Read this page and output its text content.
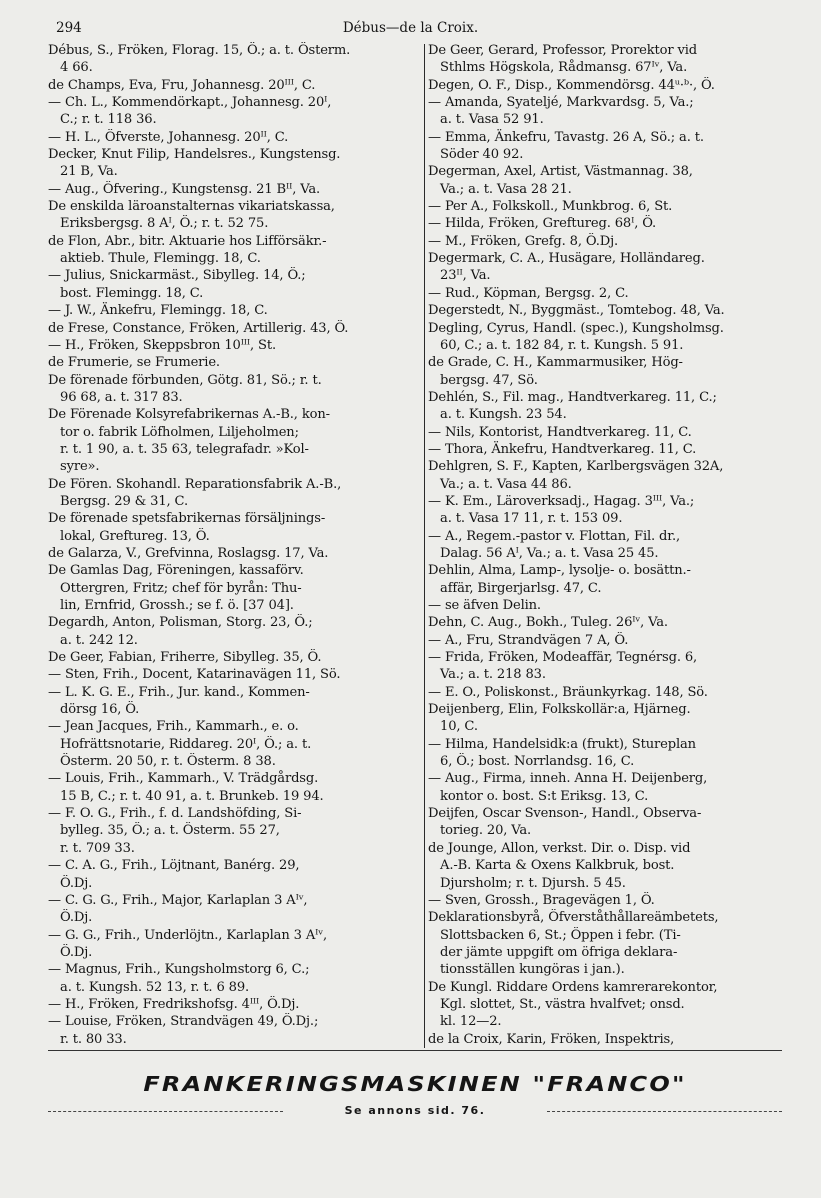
294	Débus—de la Croix.
Débus, S., Fröken, Florag. 15, Ö.; a. t. Österm.
4 66.
de Champs, Eva, Fru, Johannesg. 20ᴵᴵᴵ, C.
— Ch. L., Kommendörkapt., Johannesg. 20ᴵ,
C.; r. t. 118 36.
— H. L., Öfverste, Johannesg. 20ᴵᴵ, C.
Decker, Knut Filip, Handelsres., Kungstensg.
21 B, Va.
— Aug., Öfvering., Kungstensg. 21 Bᴵᴵ, Va.
De enskilda läroanstalternas vikariatskassa,
Eriksbergsg. 8 Aᴵ, Ö.; r. t. 52 75.
de Flon, Abr., bitr. Aktuarie hos Lifförsäkr.-
aktieb. Thule, Flemingg. 18, C.
— Julius, Snickarmäst., Sibylleg. 14, Ö.;
bost. Flemingg. 18, C.
— J. W., Änkefru, Flemingg. 18, C.
de Frese, Constance, Fröken, Artillerig. 43, Ö.
— H., Fröken, Skeppsbron 10ᴵᴵᴵ, St.
de Frumerie, se Frumerie.
De förenade förbunden, Götg. 81, Sö.; r. t.
96 68, a. t. 317 83.
De Förenade Kolsyrefabrikernas A.-B., kon-
tor o. fabrik Löfholmen, Liljeholmen;
r. t. 1 90, a. t. 35 63, telegrafadr. »Kol-
syre».
De Fören. Skohandl. Reparationsfabrik A.-B.,
Bergsg. 29 & 31, C.
De förenade spetsfabrikernas försäljnings-
lokal, Greftureg. 13, Ö.
de Galarza, V., Grefvinna, Roslagsg. 17, Va.
De Gamlas Dag, Föreningen, kassaförv.
Ottergren, Fritz; chef för byrån: Thu-
lin, Ernfrid, Grossh.; se f. ö. [37 04].
Degardh, Anton, Polisman, Storg. 23, Ö.;
a. t. 242 12.
De Geer, Fabian, Friherre, Sibylleg. 35, Ö.
— Sten, Frih., Docent, Katarinavägen 11, Sö.
— L. K. G. E., Frih., Jur. kand., Kommen-
dörsg 16, Ö.
— Jean Jacques, Frih., Kammarh., e. o.
Hofrättsnotarie, Riddareg. 20ᴵ, Ö.; a. t.
Österm. 20 50, r. t. Österm. 8 38.
— Louis, Frih., Kammarh., V. Trädgårdsg.
15 B, C.; r. t. 40 91, a. t. Brunkeb. 19 94.
— F. O. G., Frih., f. d. Landshöfding, Si-
bylleg. 35, Ö.; a. t. Österm. 55 27,
r. t. 709 33.
— C. A. G., Frih., Löjtnant, Banérg. 29,
Ö.Dj.
— C. G. G., Frih., Major, Karlaplan 3 Aᴵᵛ,
Ö.Dj.
— G. G., Frih., Underlöjtn., Karlaplan 3 Aᴵᵛ,
Ö.Dj.
— Magnus, Frih., Kungsholmstorg 6, C.;
a. t. Kungsh. 52 13, r. t. 6 89.
— H., Fröken, Fredrikshofsg. 4ᴵᴵᴵ, Ö.Dj.
— Louise, Fröken, Strandvägen 49, Ö.Dj.;
r. t. 80 33.
De Geer, Gerard, Professor, Prorektor vid
Sthlms Högskola, Rådmansg. 67ᴵᵛ, Va.
Degen, O. F., Disp., Kommendörsg. 44ᵘ·ᵇ·, Ö.
— Amanda, Syateljé, Markvardsg. 5, Va.;
a. t. Vasa 52 91.
— Emma, Änkefru, Tavastg. 26 A, Sö.; a. t.
Söder 40 92.
Degerman, Axel, Artist, Västmannag. 38,
Va.; a. t. Vasa 28 21.
— Per A., Folkskoll., Munkbrog. 6, St.
— Hilda, Fröken, Greftureg. 68ᴵ, Ö.
— M., Fröken, Grefg. 8, Ö.Dj.
Degermark, C. A., Husägare, Holländareg.
23ᴵᴵ, Va.
— Rud., Köpman, Bergsg. 2, C.
Degerstedt, N., Byggmäst., Tomtebog. 48, Va.
Degling, Cyrus, Handl. (spec.), Kungsholmsg.
60, C.; a. t. 182 84, r. t. Kungsh. 5 91.
de Grade, C. H., Kammarmusiker, Hög-
bergsg. 47, Sö.
Dehlén, S., Fil. mag., Handtverkareg. 11, C.;
a. t. Kungsh. 23 54.
— Nils, Kontorist, Handtverkareg. 11, C.
— Thora, Änkefru, Handtverkareg. 11, C.
Dehlgren, S. F., Kapten, Karlbergsvägen 32A,
Va.; a. t. Vasa 44 86.
— K. Em., Läroverksadj., Hagag. 3ᴵᴵᴵ, Va.;
a. t. Vasa 17 11, r. t. 153 09.
— A., Regem.-pastor v. Flottan, Fil. dr.,
Dalag. 56 Aᴵ, Va.; a. t. Vasa 25 45.
Dehlin, Alma, Lamp-, lysolje- o. bosättn.-
affär, Birgerjarlsg. 47, C.
— se äfven Delin.
Dehn, C. Aug., Bokh., Tuleg. 26ᴵᵛ, Va.
— A., Fru, Strandvägen 7 A, Ö.
— Frida, Fröken, Modeaffär, Tegnérsg. 6,
Va.; a. t. 218 83.
— E. O., Poliskonst., Bräunkyrkag. 148, Sö.
Deijenberg, Elin, Folkskollär:a, Hjärneg.
10, C.
— Hilma, Handelsidk:a (frukt), Stureplan
6, Ö.; bost. Norrlandsg. 16, C.
— Aug., Firma, inneh. Anna H. Deijenberg,
kontor o. bost. S:t Eriksg. 13, C.
Deijfen, Oscar Svenson-, Handl., Observa-
torieg. 20, Va.
de Jounge, Allon, verkst. Dir. o. Disp. vid
A.-B. Karta & Oxens Kalkbruk, bost.
Djursholm; r. t. Djursh. 5 45.
— Sven, Grossh., Bragevägen 1, Ö.
Deklarationsbyrå, Öfverståthållareämbetets,
Slottsbacken 6, St.; Öppen i febr. (Ti-
der jämte uppgift om öfriga deklara-
tionsställen kungöras i jan.).
De Kungl. Riddare Ordens kamrerarekontor,
Kgl. slottet, St., västra hvalfvet; onsd.
kl. 12—2.
de la Croix, Karin, Fröken, Inspektris,
FRANKERINGSMASKINEN "FRANCO"
Se annons sid. 76.
